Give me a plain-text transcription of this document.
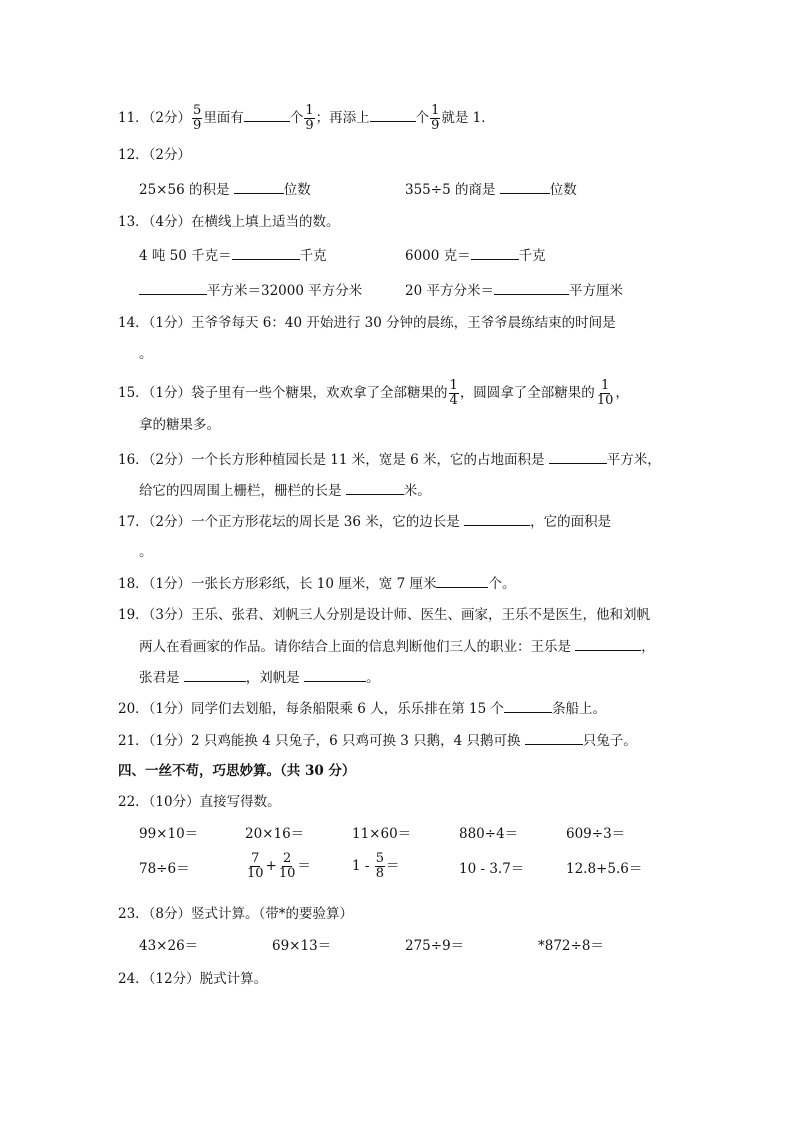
11．（2分） $\frac{5}{9}$ 里面有	个 $\frac{1}{9}$ ；再添上	个 $\frac{1}{9}$ 就是 1．
12．（2分）
25×56 的积是	位数	355÷5 的商是	位数
13．（4分）在横线上填上适当的数。
4 吨 50 千克＝	千克	6000 克＝	千克
平方米＝32000 平方分米	20 平方分米＝	平方厘米
14．（1分）王爷爷每天 6：40 开始进行 30 分钟的晨练，王爷爷晨练结束的时间是
。
15．（1分）袋子里有一些个糖果，欢欢拿了全部糖果的 $\frac{1}{4}$ ，圆圆拿了全部糖果的 $\frac{1}{10}$ ，
拿的糖果多。
16．（2分）一个长方形种植园长是 11 米，宽是 6 米，它的占地面积是	平方米，
给它的四周围上栅栏，栅栏的长是	米。
17．（2分）一个正方形花坛的周长是 36 米，它的边长是	，它的面积是
。
18．（1分）一张长方形彩纸，长 10 厘米，宽 7 厘米	个。
19．（3分）王乐、张君、刘帆三人分别是设计师、医生、画家，王乐不是医生，他和刘帆
两人在看画家的作品。请你结合上面的信息判断他们三人的职业：王乐是	，
张君是	，刘帆是	。
20．（1分）同学们去划船，每条船限乘 6 人，乐乐排在第 15 个	条船上。
21．（1分）2 只鸡能换 4 只兔子，6 只鸡可换 3 只鹅，4 只鹅可换	只兔子。
四、一丝不苟，巧思妙算。（共 30 分）
22．（10分）直接写得数。
99×10＝	20×16＝	11×60＝	880÷4＝	609÷3＝
78÷6＝	$\frac{7}{10} + \frac{2}{10}$ ＝	$1 - \frac{5}{8}$ ＝	10 - 3.7＝	12.8+5.6＝
23．（8分）竖式计算。（带*的要验算）
43×26＝	69×13＝	275÷9＝	*872÷8＝
24．（12分）脱式计算。
